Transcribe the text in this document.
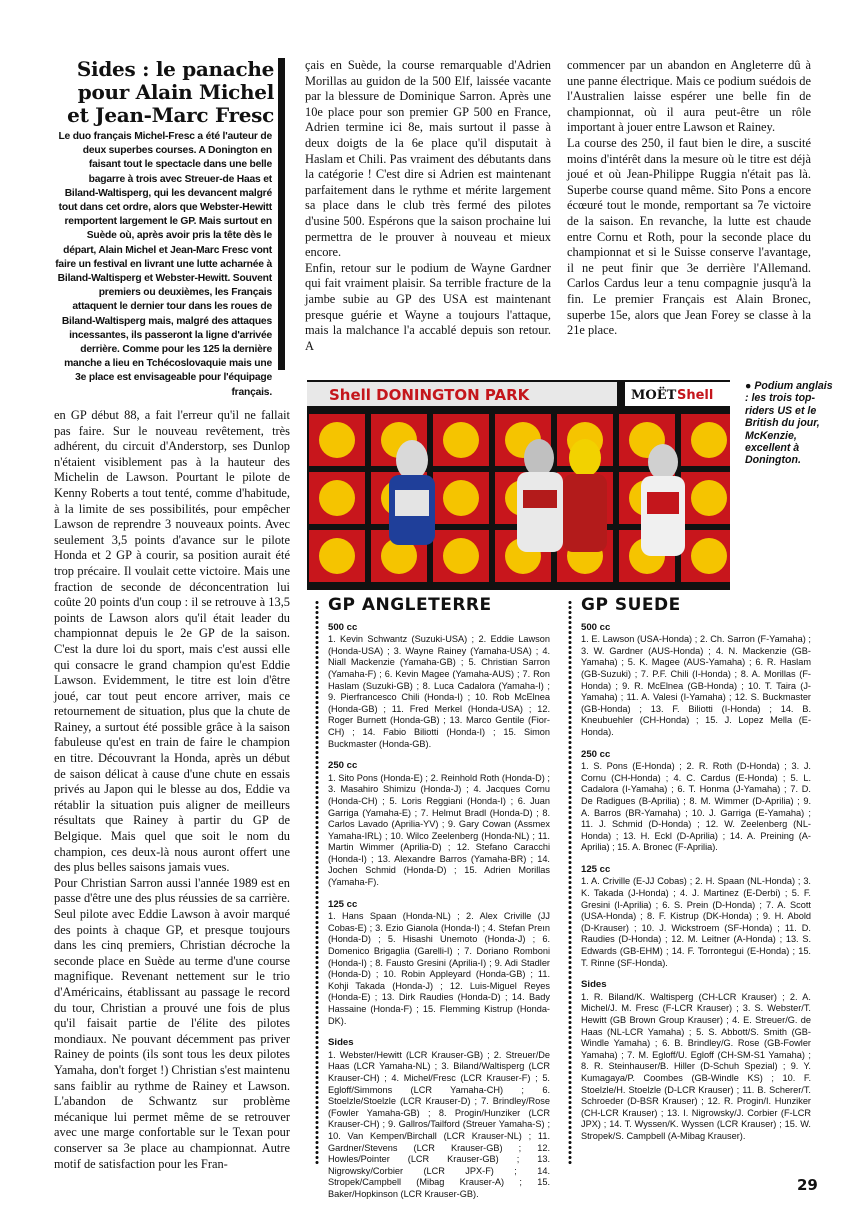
Sides : le panache
pour Alain Michel
et Jean-Marc Fresc
Le duo français Michel-Fresc a été l'auteur de deux superbes courses. A Donington en faisant tout le spectacle dans une belle bagarre à trois avec Streuer-de Haas et Biland-Waltisperg, qui les devancent malgré tout dans cet ordre, alors que Webster-Hewitt remportent largement le GP. Mais surtout en Suède où, après avoir pris la tête dès le départ, Alain Michel et Jean-Marc Fresc vont faire un festival en livrant une lutte acharnée à Biland-Waltisperg et Webster-Hewitt. Souvent premiers ou deuxièmes, les Français attaquent le dernier tour dans les roues de Biland-Waltisperg mais, malgré des attaques incessantes, ils passeront la ligne d'arrivée derrière. Comme pour les 125 la dernière manche a lieu en Tchécoslovaquie mais une 3e place est envisageable pour l'équipage français.

en GP début 88, a fait l'erreur qu'il ne fallait pas faire. Sur le nouveau revêtement, très adhérent, du circuit d'Anderstorp, ses Dunlop n'étaient visiblement pas à la hauteur des Michelin de Lawson. Pourtant le pilote de Kenny Roberts a tout tenté, comme d'habitude, à la limite de ses possibilités, pour empêcher Lawson de reprendre 3 nouveaux points. Avec seulement 3,5 points d'avance sur le pilote Honda et 2 GP à courir, sa position aurait été trop précaire. Il voulait cette victoire. Mais une fraction de seconde de déconcentration lui coûte 20 points d'un coup : il se retrouve à 13,5 points de Lawson alors qu'il était leader du championnat depuis le 2e GP de la saison. C'est la dure loi du sport, mais c'est aussi elle qui consacre le grand champion qu'est Eddie Lawson. Evidemment, le titre est loin d'être joué, car tout peut encore arriver, mais ce retournement de situation, plus que la chute de Rainey, a surtout été possible grâce à la saison fabuleuse qu'est en train de faire le champion en titre. Découvrant la Honda, après un début de saison délicat à cause d'une chute en essais privés au Japon qui le blesse au dos, Eddie va rétablir la situation puis aligner de meilleurs résultats que Rainey à partir du GP de Belgique. Mais quel que soit le nom du champion, ces deux-là nous auront offert une des plus belles saisons jamais vues.

Pour Christian Sarron aussi l'année 1989 est en passe d'être une des plus réussies de sa carrière. Seul pilote avec Eddie Lawson à avoir marqué des points à chaque GP, et presque toujours dans les cinq premiers, Christian décroche la seconde place en Suède au terme d'une course magnifique. Revenant nettement sur le trio d'Américains, établissant au passage le record du tour, Christian a prouvé une fois de plus qu'il faisait partie de l'élite des pilotes mondiaux. Ne pouvant décemment pas priver Rainey de points (ils sont tous les deux pilotes Yamaha, don't forget !) Christian s'est maintenu sans faiblir au rythme de Rainey et Lawson. L'abandon de Schwantz sur problème mécanique lui permet même de se retrouver avec une marge confortable sur le Texan pour conserver sa 3e place au championnat. Autre motif de satisfaction pour les Fran-

çais en Suède, la course remarquable d'Adrien Morillas au guidon de la 500 Elf, laissée vacante par la blessure de Dominique Sarron. Après une 10e place pour son premier GP 500 en France, Adrien termine ici 8e, mais surtout il passe à deux doigts de la 6e place qu'il disputait à Haslam et Chili. Pas vraiment des débutants dans la catégorie ! C'est dire si Adrien est maintenant parfaitement dans le rythme et mérite largement sa place dans le club très fermé des pilotes d'usine 500. Espérons que la saison prochaine lui permettra de le prouver à nouveau et mieux encore.

Enfin, retour sur le podium de Wayne Gardner qui fait vraiment plaisir. Sa terrible fracture de la jambe subie au GP des USA est maintenant presque guérie et Wayne a toujours l'attaque, mais la malchance l'a accablé depuis son retour. A

commencer par un abandon en Angleterre dû à une panne électrique. Mais ce podium suédois de l'Australien laisse espérer une belle fin de championnat, où il aura peut-être un rôle important à jouer entre Lawson et Rainey.

La course des 250, il faut bien le dire, a suscité moins d'intérêt dans la mesure où le titre est déjà joué et où Jean-Philippe Ruggia n'était pas là. Superbe course quand même. Sito Pons a encore écœuré tout le monde, remportant sa 7e victoire de la saison. En revanche, la lutte est chaude entre Cornu et Roth, pour la seconde place du championnat et si le Suisse conserve l'avantage, il ne peut finir que 3e derrière l'Allemand. Carlos Cardus leur a tenu compagnie jusqu'à la fin. Le premier Français est Alain Bronec, superbe 15e, alors que Jean Forey se classe à la 21e place.

Shell DONINGTON PARK	MOËT Shell
● Podium anglais : les trois top-riders US et le British du jour, McKenzie, excellent à Donington.
GP ANGLETERRE
500 cc
1. Kevin Schwantz (Suzuki-USA) ; 2. Eddie Lawson (Honda-USA) ; 3. Wayne Rainey (Yamaha-USA) ; 4. Niall Mackenzie (Yamaha-GB) ; 5. Christian Sarron (Yamaha-F) ; 6. Kevin Magee (Yamaha-AUS) ; 7. Ron Haslam (Suzuki-GB) ; 8. Luca Cadalora (Yamaha-I) ; 9. Pierfrancesco Chili (Honda-I) ; 10. Rob McElnea (Honda-GB) ; 11. Fred Merkel (Honda-USA) ; 12. Roger Burnett (Honda-GB) ; 13. Marco Gentile (Fior-CH) ; 14. Fabio Biliotti (Honda-I) ; 15. Simon Buckmaster (Honda-GB).
250 cc
1. Sito Pons (Honda-E) ; 2. Reinhold Roth (Honda-D) ; 3. Masahiro Shimizu (Honda-J) ; 4. Jacques Cornu (Honda-CH) ; 5. Loris Reggiani (Honda-I) ; 6. Juan Garriga (Yamaha-E) ; 7. Helmut Bradl (Honda-D) ; 8. Carlos Lavado (Aprilia-YV) ; 9. Gary Cowan (Assmex Yamaha-IRL) ; 10. Wilco Zeelenberg (Honda-NL) ; 11. Martin Wimmer (Aprilia-D) ; 12. Stefano Caracchi (Honda-I) ; 13. Alexandre Barros (Yamaha-BR) ; 14. Jochen Schmid (Honda-D) ; 15. Adrien Morillas (Yamaha-F).
125 cc
1. Hans Spaan (Honda-NL) ; 2. Alex Criville (JJ Cobas-E) ; 3. Ezio Gianola (Honda-I) ; 4. Stefan Preın (Honda-D) ; 5. Hisashi Unemoto (Honda-J) ; 6. Domenico Brigaglia (Garelli-I) ; 7. Doriano Romboni (Honda-I) ; 8. Fausto Gresini (Aprilia-I) ; 9. Adi Stadler (Honda-D) ; 10. Robin Appleyard (Honda-GB) ; 11. Kohji Takada (Honda-J) ; 12. Luis-Miguel Reyes (Honda-E) ; 13. Dirk Raudies (Honda-D) ; 14. Bady Hassaine (Honda-F) ; 15. Flemming Kistrup (Honda-DK).
Sides
1. Webster/Hewitt (LCR Krauser-GB) ; 2. Streuer/De Haas (LCR Yamaha-NL) ; 3. Biland/Waltisperg (LCR Krauser-CH) ; 4. Michel/Fresc (LCR Krauser-F) ; 5. Egloff/Simmons (LCR Yamaha-CH) ; 6. Stoelzle/Stoelzle (LCR Krauser-D) ; 7. Brindley/Rose (Fowler Yamaha-GB) ; 8. Progin/Hunziker (LCR Krauser-CH) ; 9. Gallros/Tailford (Streuer Yamaha-S) ; 10. Van Kempen/Birchall (LCR Krauser-NL) ; 11. Gardner/Stevens (LCR Krauser-GB) ; 12. Howles/Pointer (LCR Krauser-GB) ; 13. Nigrowsky/Corbier (LCR JPX-F) ; 14. Stropek/Campbell (Mibag Krauser-A) ; 15. Baker/Hopkinson (LCR Krauser-GB).
GP SUEDE
500 cc
1. E. Lawson (USA-Honda) ; 2. Ch. Sarron (F-Yamaha) ; 3. W. Gardner (AUS-Honda) ; 4. N. Mackenzie (GB-Yamaha) ; 5. K. Magee (AUS-Yamaha) ; 6. R. Haslam (GB-Suzuki) ; 7. P.F. Chili (I-Honda) ; 8. A. Morillas (F-Honda) ; 9. R. McElnea (GB-Honda) ; 10. T. Taira (J-Yamaha) ; 11. A. Valesi (I-Yamaha) ; 12. S. Buckmaster (GB-Honda) ; 13. F. Biliotti (I-Honda) ; 14. B. Kneubuehler (CH-Honda) ; 15. J. Lopez Mella (E-Honda).
250 cc
1. S. Pons (E-Honda) ; 2. R. Roth (D-Honda) ; 3. J. Cornu (CH-Honda) ; 4. C. Cardus (E-Honda) ; 5. L. Cadalora (I-Yamaha) ; 6. T. Honma (J-Yamaha) ; 7. D. De Radigues (B-Aprilia) ; 8. M. Wimmer (D-Aprilia) ; 9. A. Barros (BR-Yamaha) ; 10. J. Garriga (E-Yamaha) ; 11. J. Schmid (D-Honda) ; 12. W. Zeelenberg (NL-Honda) ; 13. H. Eckl (D-Aprilia) ; 14. A. Preining (A-Aprilia) ; 15. A. Bronec (F-Aprilia).
125 cc
1. A. Criville (E-JJ Cobas) ; 2. H. Spaan (NL-Honda) ; 3. K. Takada (J-Honda) ; 4. J. Martinez (E-Derbi) ; 5. F. Gresini (I-Aprilia) ; 6. S. Prein (D-Honda) ; 7. A. Scott (USA-Honda) ; 8. F. Kistrup (DK-Honda) ; 9. H. Abold (D-Krauser) ; 10. J. Wickstroem (SF-Honda) ; 11. D. Raudies (D-Honda) ; 12. M. Leitner (A-Honda) ; 13. S. Edwards (GB-EHM) ; 14. F. Torrontegui (E-Honda) ; 15. T. Rinne (SF-Honda).
Sides
1. R. Biland/K. Waltisperg (CH-LCR Krauser) ; 2. A. Michel/J. M. Fresc (F-LCR Krauser) ; 3. S. Webster/T. Hewitt (GB Brown Group Krauser) ; 4. E. Streuer/G. de Haas (NL-LCR Yamaha) ; 5. S. Abbott/S. Smith (GB-Windle Yamaha) ; 6. B. Brindley/G. Rose (GB-Fowler Yamaha) ; 7. M. Egloff/U. Egloff (CH-SM-S1 Yamaha) ; 8. R. Steinhauser/B. Hiller (D-Schuh Spezial) ; 9. Y. Kumagaya/P. Coombes (GB-Windle KS) ; 10. F. Stoelzle/H. Stoelzle (D-LCR Krauser) ; 11. B. Scherer/T. Schroeder (D-BSR Krauser) ; 12. R. Progin/I. Hunziker (CH-LCR Krauser) ; 13. I. Nigrowsky/J. Corbier (F-LCR JPX) ; 14. T. Wyssen/K. Wyssen (LCR Krauser) ; 15. W. Stropek/S. Campbell (A-Mibag Krauser).
29
